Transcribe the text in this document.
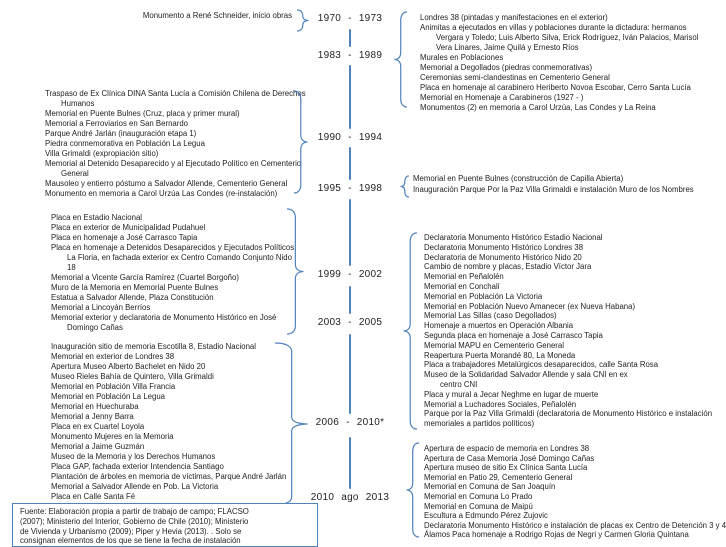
1970 - 1973
1983 - 1989
1990 - 1994
1995 - 1998
1999 - 2002
2003 - 2005
2006 - 2010*
2010 ago 2013
Monumento a René Schneider, inicio obras
Traspaso de Ex Clínica DINA Santa Lucía a Comisión Chilena de Derechos
Humanos
Memorial en Puente Bulnes (Cruz, placa y primer mural)
Memorial a Ferroviarios en San Bernardo
Parque André Jarlán (inauguración etapa 1)
Piedra conmemorativa en Población La Legua
Villa Grimaldi (expropiación sitio)
Memorial al Detenido Desaparecido y al Ejecutado Político en Cementerio
General
Mausoleo y entierro póstumo a Salvador Allende, Cementerio General
Monumento en memoria a Carol Urzúa Las Condes (re-instalación)
Placa en Estadio Nacional
Placa en exterior de Municipalidad Pudahuel
Placa en homenaje a José Carrasco Tapia
Placa en homenaje a Detenidos Desaparecidos y Ejecutados Políticos
La Floria, en fachada exterior ex Centro Comando Conjunto Nido
18
Memorial a Vicente García Ramírez (Cuartel Borgoño)
Muro de la Memoria en Memorial Puente Bulnes
Estatua a Salvador Allende, Plaza Constitución
Memorial a Lincoyán Berríos
Memorial exterior y declaratoria de Monumento Histórico en José
Domingo Cañas
Inauguración sitio de memoria Escotilla 8, Estadio Nacional
Memorial en exterior de Londres 38
Apertura Museo Alberto Bachelet en Nido 20
Museo Rieles Bahía de Quintero, Villa Grimaldi
Memorial en Población Villa Francia
Memorial en Población La Legua
Memorial en Huechuraba
Memorial a Jenny Barra
Placa en ex Cuartel Loyola
Monumento Mujeres en la Memoria
Memorial a Jaime Guzmán
Museo de la Memoria y los Derechos Humanos
Placa GAP, fachada exterior Intendencia Santiago
Plantación de árboles en memoria de víctimas, Parque André Jarlán
Memorial a Salvador Allende en Pob. La Victoria
Placa en Calle Santa Fé
Londres 38 (pintadas y manifestaciones en el exterior)
Animitas a ejecutados en villas y poblaciones durante la dictadura: hermanos
Vergara y Toledo; Luis Alberto Silva, Erick Rodríguez, Iván Palacios, Marisol
Vera Linares, Jaime Quilá y Ernesto Ríos
Murales en Poblaciones
Memorial a Degollados (piedras conmemorativas)
Ceremonias semi-clandestinas en Cementerio General
Placa en homenaje al carabinero Heriberto Novoa Escobar, Cerro Santa Lucía
Memorial en Homenaje a Carabineros (1927 - )
Monumentos (2) en memoria a Carol Urzúa, Las Condes y La Reina
Memorial en Puente Bulnes (construcción de Capilla Abierta)
Inauguración Parque Por la Paz Villa Grimaldi e instalación Muro de los Nombres
Declaratoria Monumento Histórico Estadio Nacional
Declaratoria Monumento Histórico Londres 38
Declaratoria de Monumento Histórico Nido 20
Cambio de nombre y placas, Estadio Víctor Jara
Memorial en Peñalolén
Memorial en Conchalí
Memorial en Población La Victoria
Memorial en Población Nuevo Amanecer (ex Nueva Habana)
Memorial Las Sillas (caso Degollados)
Homenaje a muertos en Operación Albania
Segunda placa en homenaje a José Carrasco Tapia
Memorial MAPU en Cementerio General
Reapertura Puerta Morandé 80, La Moneda
Placa a trabajadores Metalúrgicos desaparecidos, calle Santa Rosa
Museo de la Solidaridad Salvador Allende y sala CNI en ex
centro CNI
Placa y mural a Jecar Neghme en lugar de muerte
Memorial a Luchadores Sociales, Peñalolén
Parque por la Paz Villa Grimaldi (declaratoria de Monumento Histórico e instalación
memoriales a partidos políticos)
Apertura de espacio de memoria en Londres 38
Apertura de Casa Memoria José Domingo Cañas
Apertura museo de sitio Ex Clínica Santa Lucía
Memorial en Patio 29, Cementerio General
Memorial en Comuna de San Joaquín
Memorial en Comuna Lo Prado
Memorial en Comuna de Maipú
Escultura a Edmundo Pérez Zujovic
Declaratoria Monumento Histórico e instalación de placas ex Centro de Detención 3 y 4
Álamos Paca homenaje a Rodrigo Rojas de Negri y Carmen Gloria Quintana
Fuente: Elaboración propia a partir de trabajo de campo; FLACSO
(2007); Ministerio del Interior, Gobierno de Chile (2010); Ministerio
de Vivienda y Urbanismo (2009); Piper y Hevia (2013). . Solo se
consignan elementos de los que se tiene la fecha de instalación
